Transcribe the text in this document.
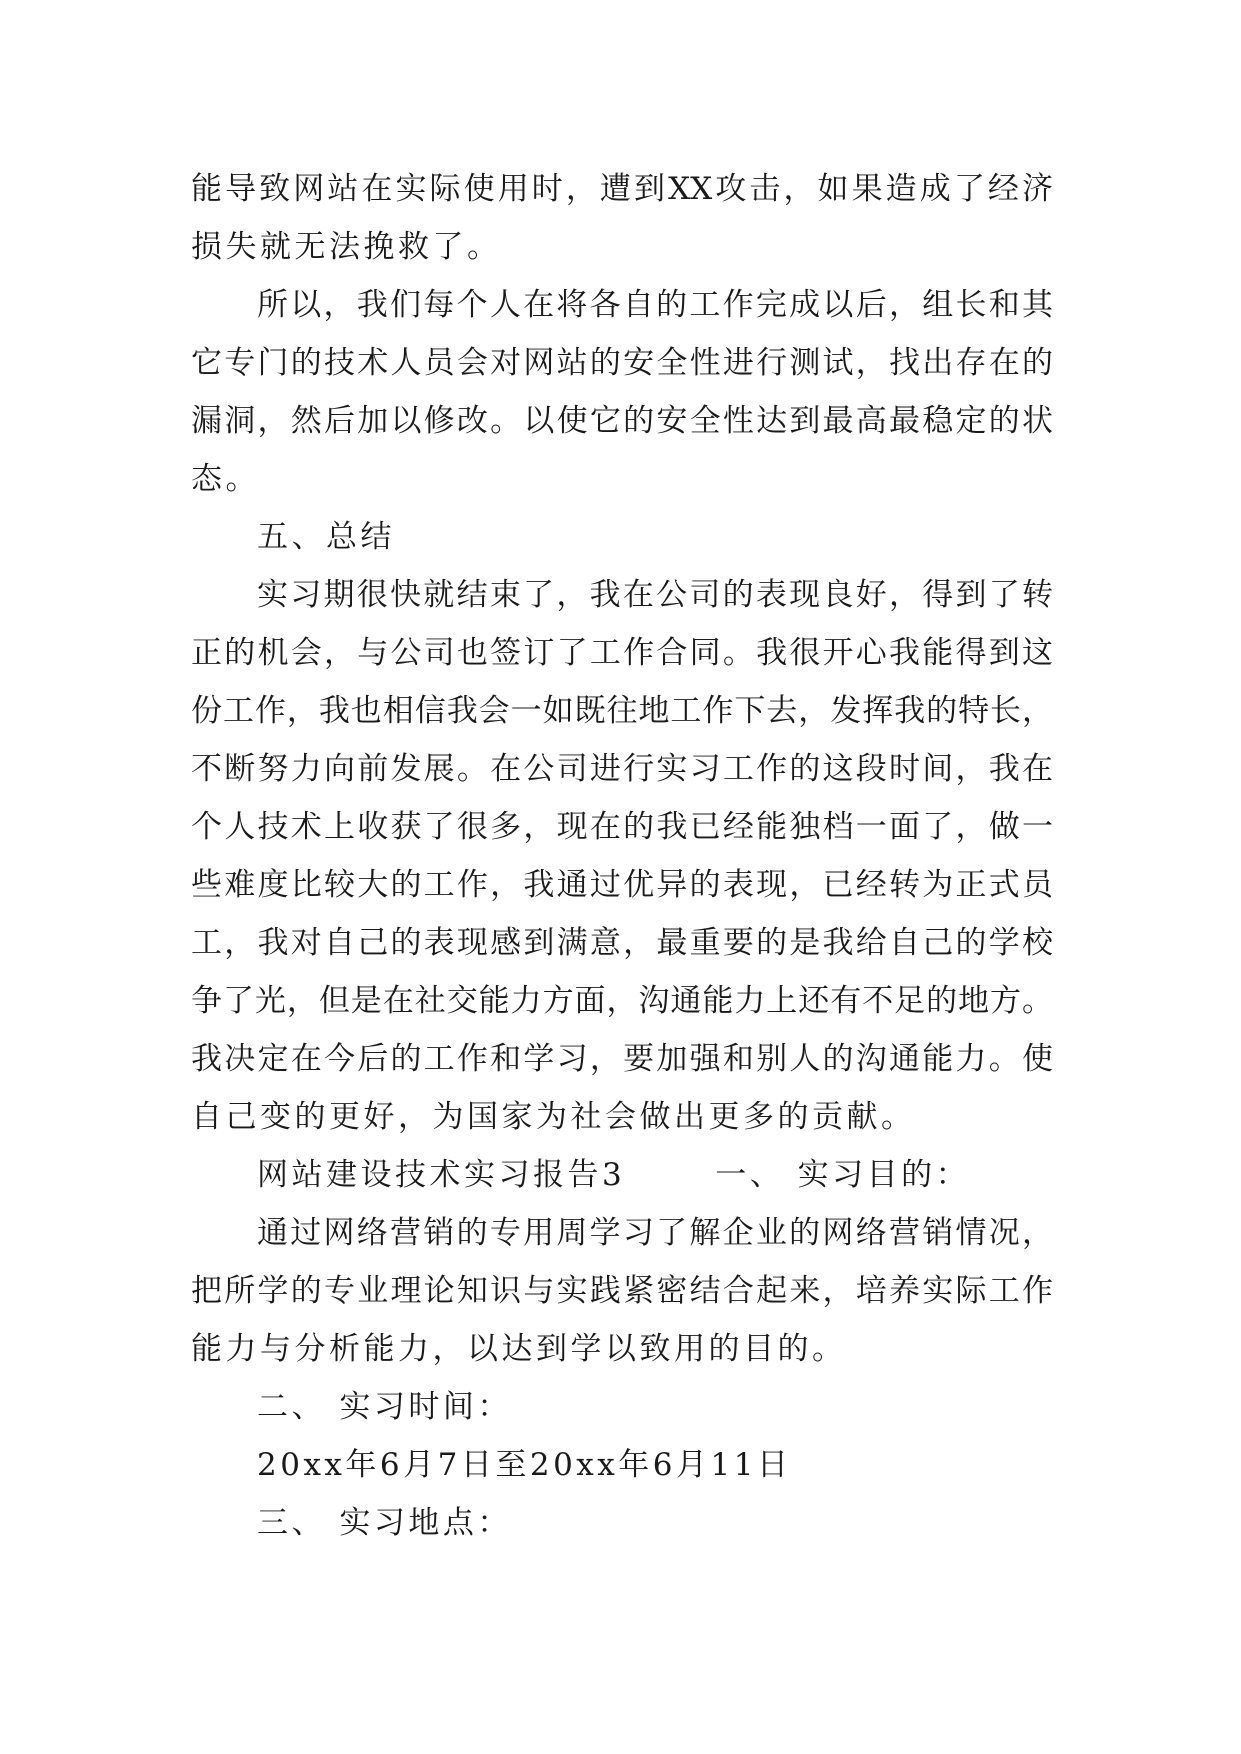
能导致网站在实际使用时，遭到XX攻击，如果造成了经济
损失就无法挽救了。
所以，我们每个人在将各自的工作完成以后，组长和其
它专门的技术人员会对网站的安全性进行测试，找出存在的
漏洞，然后加以修改。以使它的安全性达到最高最稳定的状
态。
五、总结
实习期很快就结束了，我在公司的表现良好，得到了转
正的机会，与公司也签订了工作合同。我很开心我能得到这
份工作，我也相信我会一如既往地工作下去，发挥我的特长，
不断努力向前发展。在公司进行实习工作的这段时间，我在
个人技术上收获了很多，现在的我已经能独档一面了，做一
些难度比较大的工作，我通过优异的表现，已经转为正式员
工，我对自己的表现感到满意，最重要的是我给自己的学校
争了光，但是在社交能力方面，沟通能力上还有不足的地方。
我决定在今后的工作和学习，要加强和别人的沟通能力。使
自己变的更好，为国家为社会做出更多的贡献。
网站建设技术实习报告3	一、 实习目的：
通过网络营销的专用周学习了解企业的网络营销情况，
把所学的专业理论知识与实践紧密结合起来，培养实际工作
能力与分析能力，以达到学以致用的目的。
二、 实习时间：
20xx年6月7日至20xx年6月11日
三、 实习地点：
